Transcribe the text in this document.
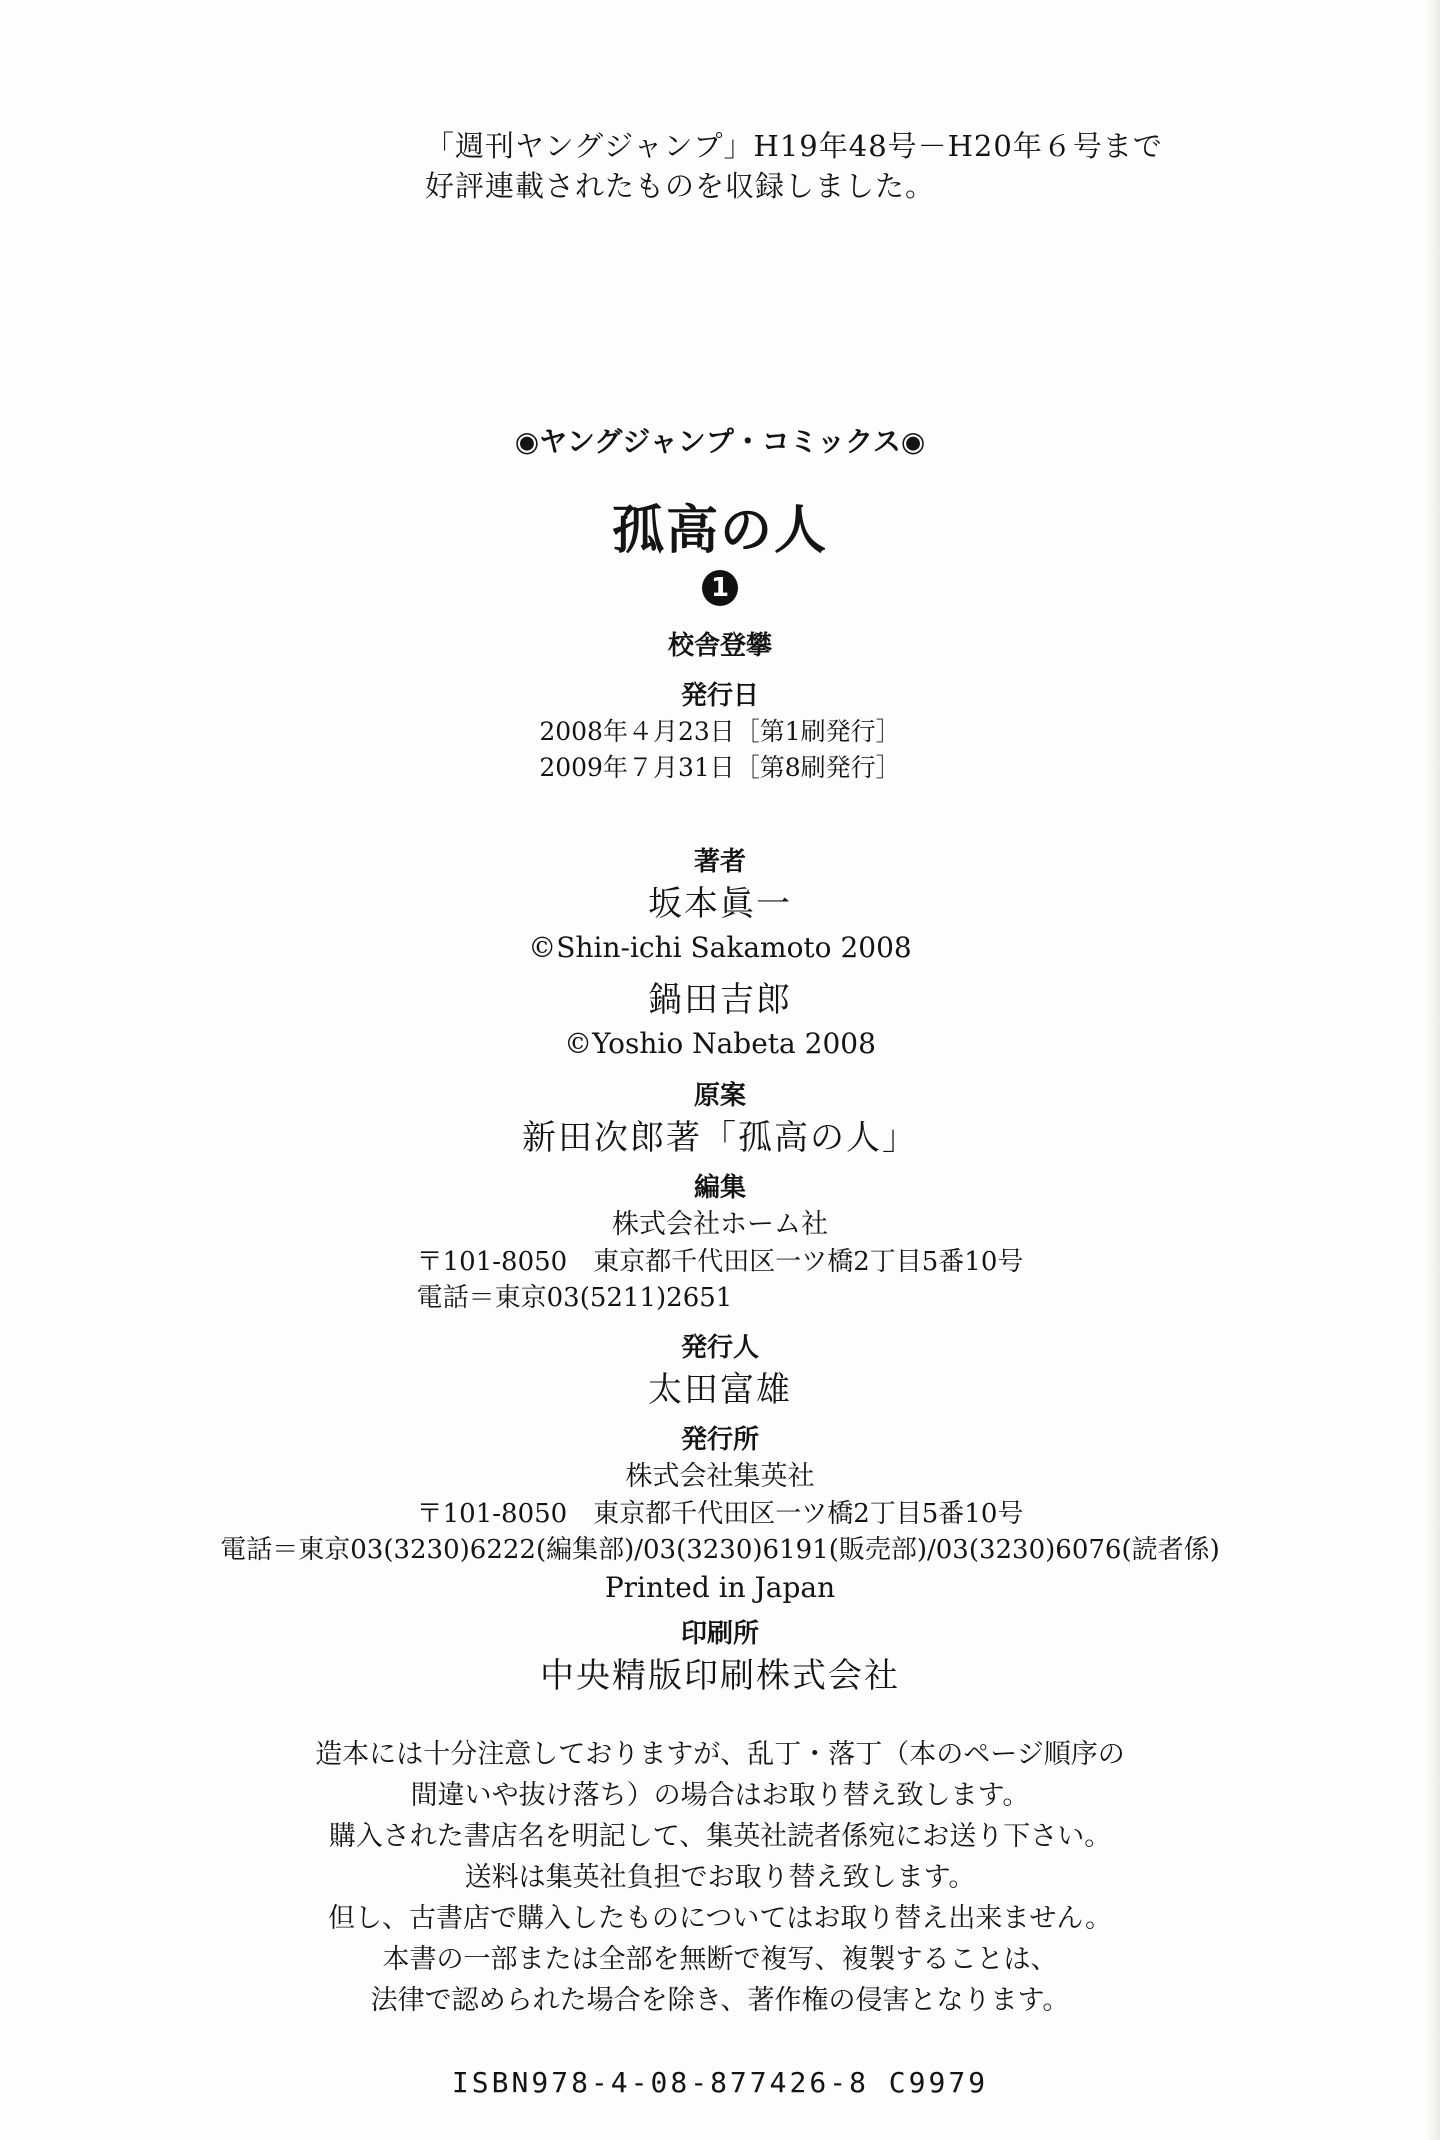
「週刊ヤングジャンプ」H19年48号－H20年６号まで
好評連載されたものを収録しました。
◉ヤングジャンプ・コミックス◉
孤高の人
1
校舎登攀
発行日
2008年４月23日［第1刷発行］
2009年７月31日［第8刷発行］
著者
坂本眞一
©Shin-ichi Sakamoto 2008
鍋田吉郎
©Yoshio Nabeta 2008
原案
新田次郎著「孤高の人」
編集
株式会社ホーム社
〒101-8050　東京都千代田区一ツ橋2丁目5番10号
電話＝東京03(5211)2651
発行人
太田富雄
発行所
株式会社集英社
〒101-8050　東京都千代田区一ツ橋2丁目5番10号
電話＝東京03(3230)6222(編集部)/03(3230)6191(販売部)/03(3230)6076(読者係)
Printed in Japan
印刷所
中央精版印刷株式会社
造本には十分注意しておりますが、乱丁・落丁（本のページ順序の
間違いや抜け落ち）の場合はお取り替え致します。
購入された書店名を明記して、集英社読者係宛にお送り下さい。
送料は集英社負担でお取り替え致します。
但し、古書店で購入したものについてはお取り替え出来ません。
本書の一部または全部を無断で複写、複製することは、
法律で認められた場合を除き、著作権の侵害となります。
ISBN978-4-08-877426-8 C9979
